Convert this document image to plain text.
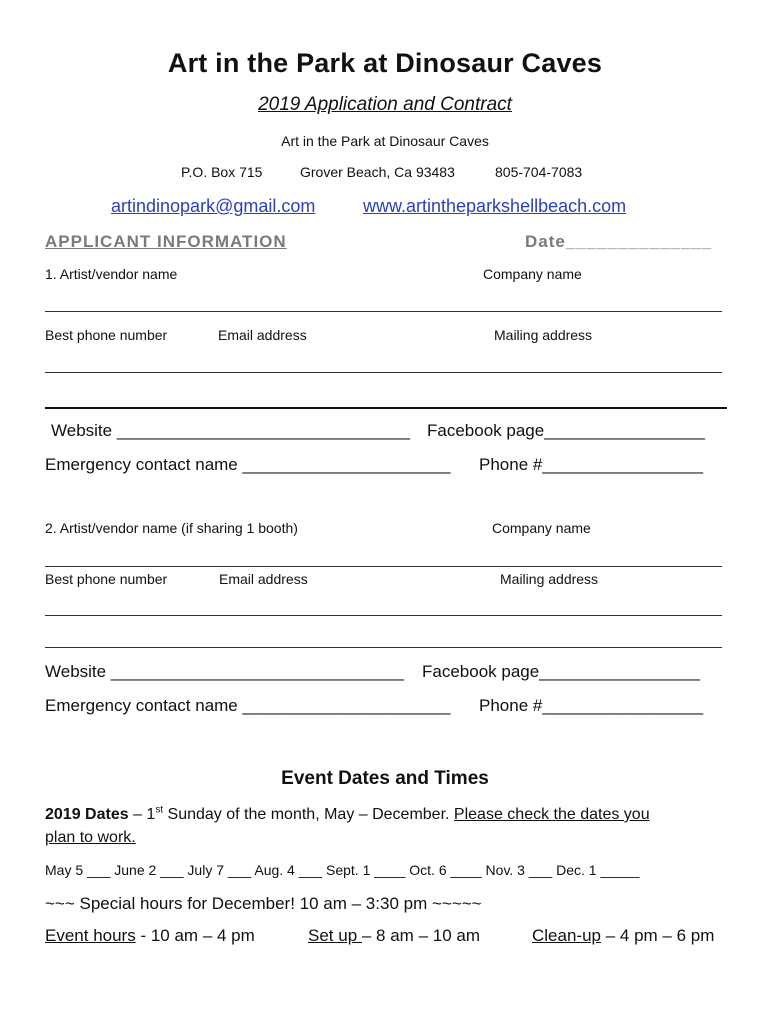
Art in the Park at Dinosaur Caves
2019 Application and Contract
Art in the Park at Dinosaur Caves
P.O. Box 715	Grover Beach, Ca 93483	805-704-7083
artindinopark@gmail.com	www.artintheparkshellbeach.com
APPLICANT INFORMATION	Date______________
1. Artist/vendor name	Company name
Best phone number	Email address	Mailing address
Website _______________________________ Facebook page_________________
Emergency contact name ______________________ Phone #_________________
2. Artist/vendor name (if sharing 1 booth)	Company name
Best phone number	Email address	Mailing address
Website _______________________________ Facebook page_________________
Emergency contact name ______________________ Phone #_________________
Event Dates and Times
2019 Dates – 1st Sunday of the month, May – December. Please check the dates you
plan to work.
May 5 ___ June 2 ___ July 7 ___ Aug. 4 ___ Sept. 1 ____ Oct. 6 ____ Nov. 3 ___ Dec. 1 _____
~~~ Special hours for December! 10 am – 3:30 pm ~~~~~
Event hours - 10 am – 4 pm	Set up – 8 am – 10 am	Clean-up – 4 pm – 6 pm
